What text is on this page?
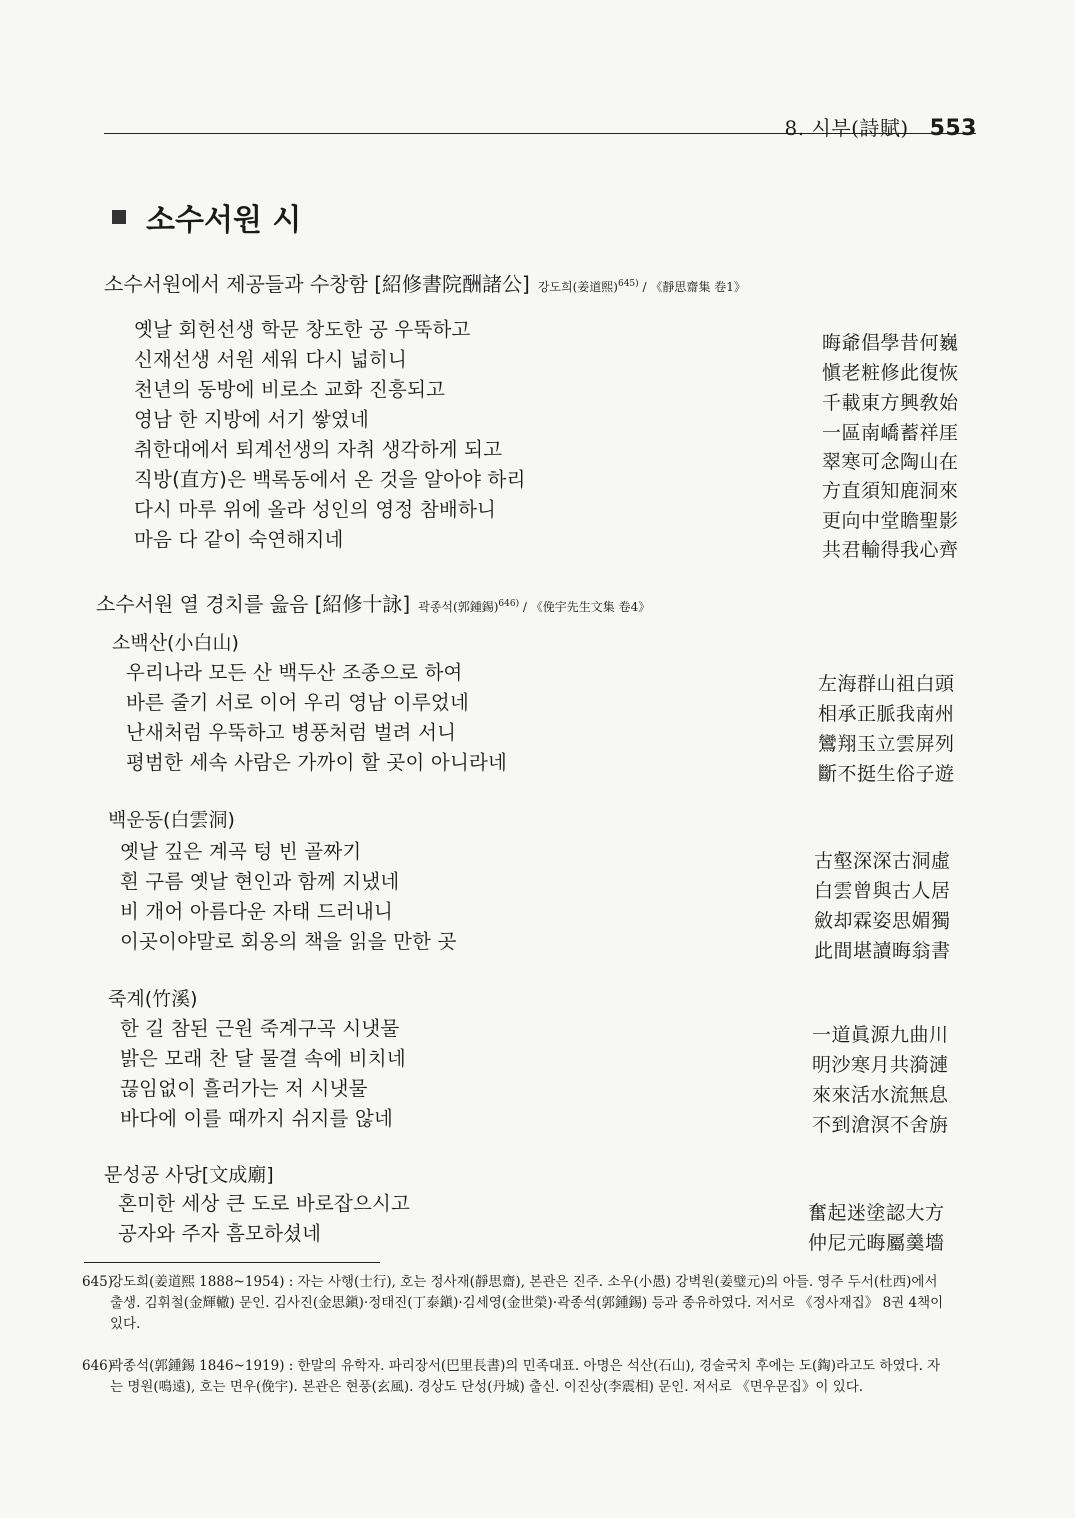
8. 시부(詩賦) 553
소수서원 시
소수서원에서 제공들과 수창함 [紹修書院酬諸公] 강도희(姜道熙)$^{645)}$ / 《靜思齋集 卷1》
옛날 회헌선생 학문 창도한 공 우뚝하고
신재선생 서원 세워 다시 넓히니
천년의 동방에 비로소 교화 진흥되고
영남 한 지방에 서기 쌓였네
취한대에서 퇴계선생의 자취 생각하게 되고
직방(直方)은 백록동에서 온 것을 알아야 하리
다시 마루 위에 올라 성인의 영정 참배하니
마음 다 같이 숙연해지네
晦爺倡學昔何巍
愼老粧修此復恢
千載東方興敎始
一區南嶠蓄祥厓
翠寒可念陶山在
方直須知鹿洞來
更向中堂瞻聖影
共君輸得我心齊
소수서원 열 경치를 읊음 [紹修十詠] 곽종석(郭鍾錫)$^{646)}$ / 《俛宇先生文集 卷4》
소백산(小白山)
우리나라 모든 산 백두산 조종으로 하여
바른 줄기 서로 이어 우리 영남 이루었네
난새처럼 우뚝하고 병풍처럼 벌려 서니
평범한 세속 사람은 가까이 할 곳이 아니라네
左海群山祖白頭
相承正脈我南州
鸞翔玉立雲屏列
斷不挺生俗子遊
백운동(白雲洞)
옛날 깊은 계곡 텅 빈 골짜기
흰 구름 옛날 현인과 함께 지냈네
비 개어 아름다운 자태 드러내니
이곳이야말로 회옹의 책을 읽을 만한 곳
古壑深深古洞虛
白雲曾與古人居
斂却霖姿思媚獨
此間堪讀晦翁書
죽계(竹溪)
한 길 참된 근원 죽계구곡 시냇물
밝은 모래 찬 달 물결 속에 비치네
끊임없이 흘러가는 저 시냇물
바다에 이를 때까지 쉬지를 않네
一道眞源九曲川
明沙寒月共漪漣
來來活水流無息
不到滄溟不舍旃
문성공 사당[文成廟]
혼미한 세상 큰 도로 바로잡으시고
공자와 주자 흠모하셨네
奮起迷塗認大方
仲尼元晦屬羹墻
645)
강도희(姜道熙 1888~1954) : 자는 사행(士行), 호는 정사재(靜思齋), 본관은 진주. 소우(小愚) 강벽원(姜璧元)의 아들. 영주 두서(杜西)에서 출생. 김휘철(金輝轍) 문인. 김사진(金思鎭)·정태진(丁泰鎭)·김세영(金世榮)·곽종석(郭鍾錫) 등과 종유하였다. 저서로 《정사재집》 8권 4책이 있다.
646)
곽종석(郭鍾錫 1846~1919) : 한말의 유학자. 파리장서(巴里長書)의 민족대표. 아명은 석산(石山), 경술국치 후에는 도(鋾)라고도 하였다. 자는 명원(鳴遠), 호는 면우(俛宇). 본관은 현풍(玄風). 경상도 단성(丹城) 출신. 이진상(李震相) 문인. 저서로 《면우문집》이 있다.
